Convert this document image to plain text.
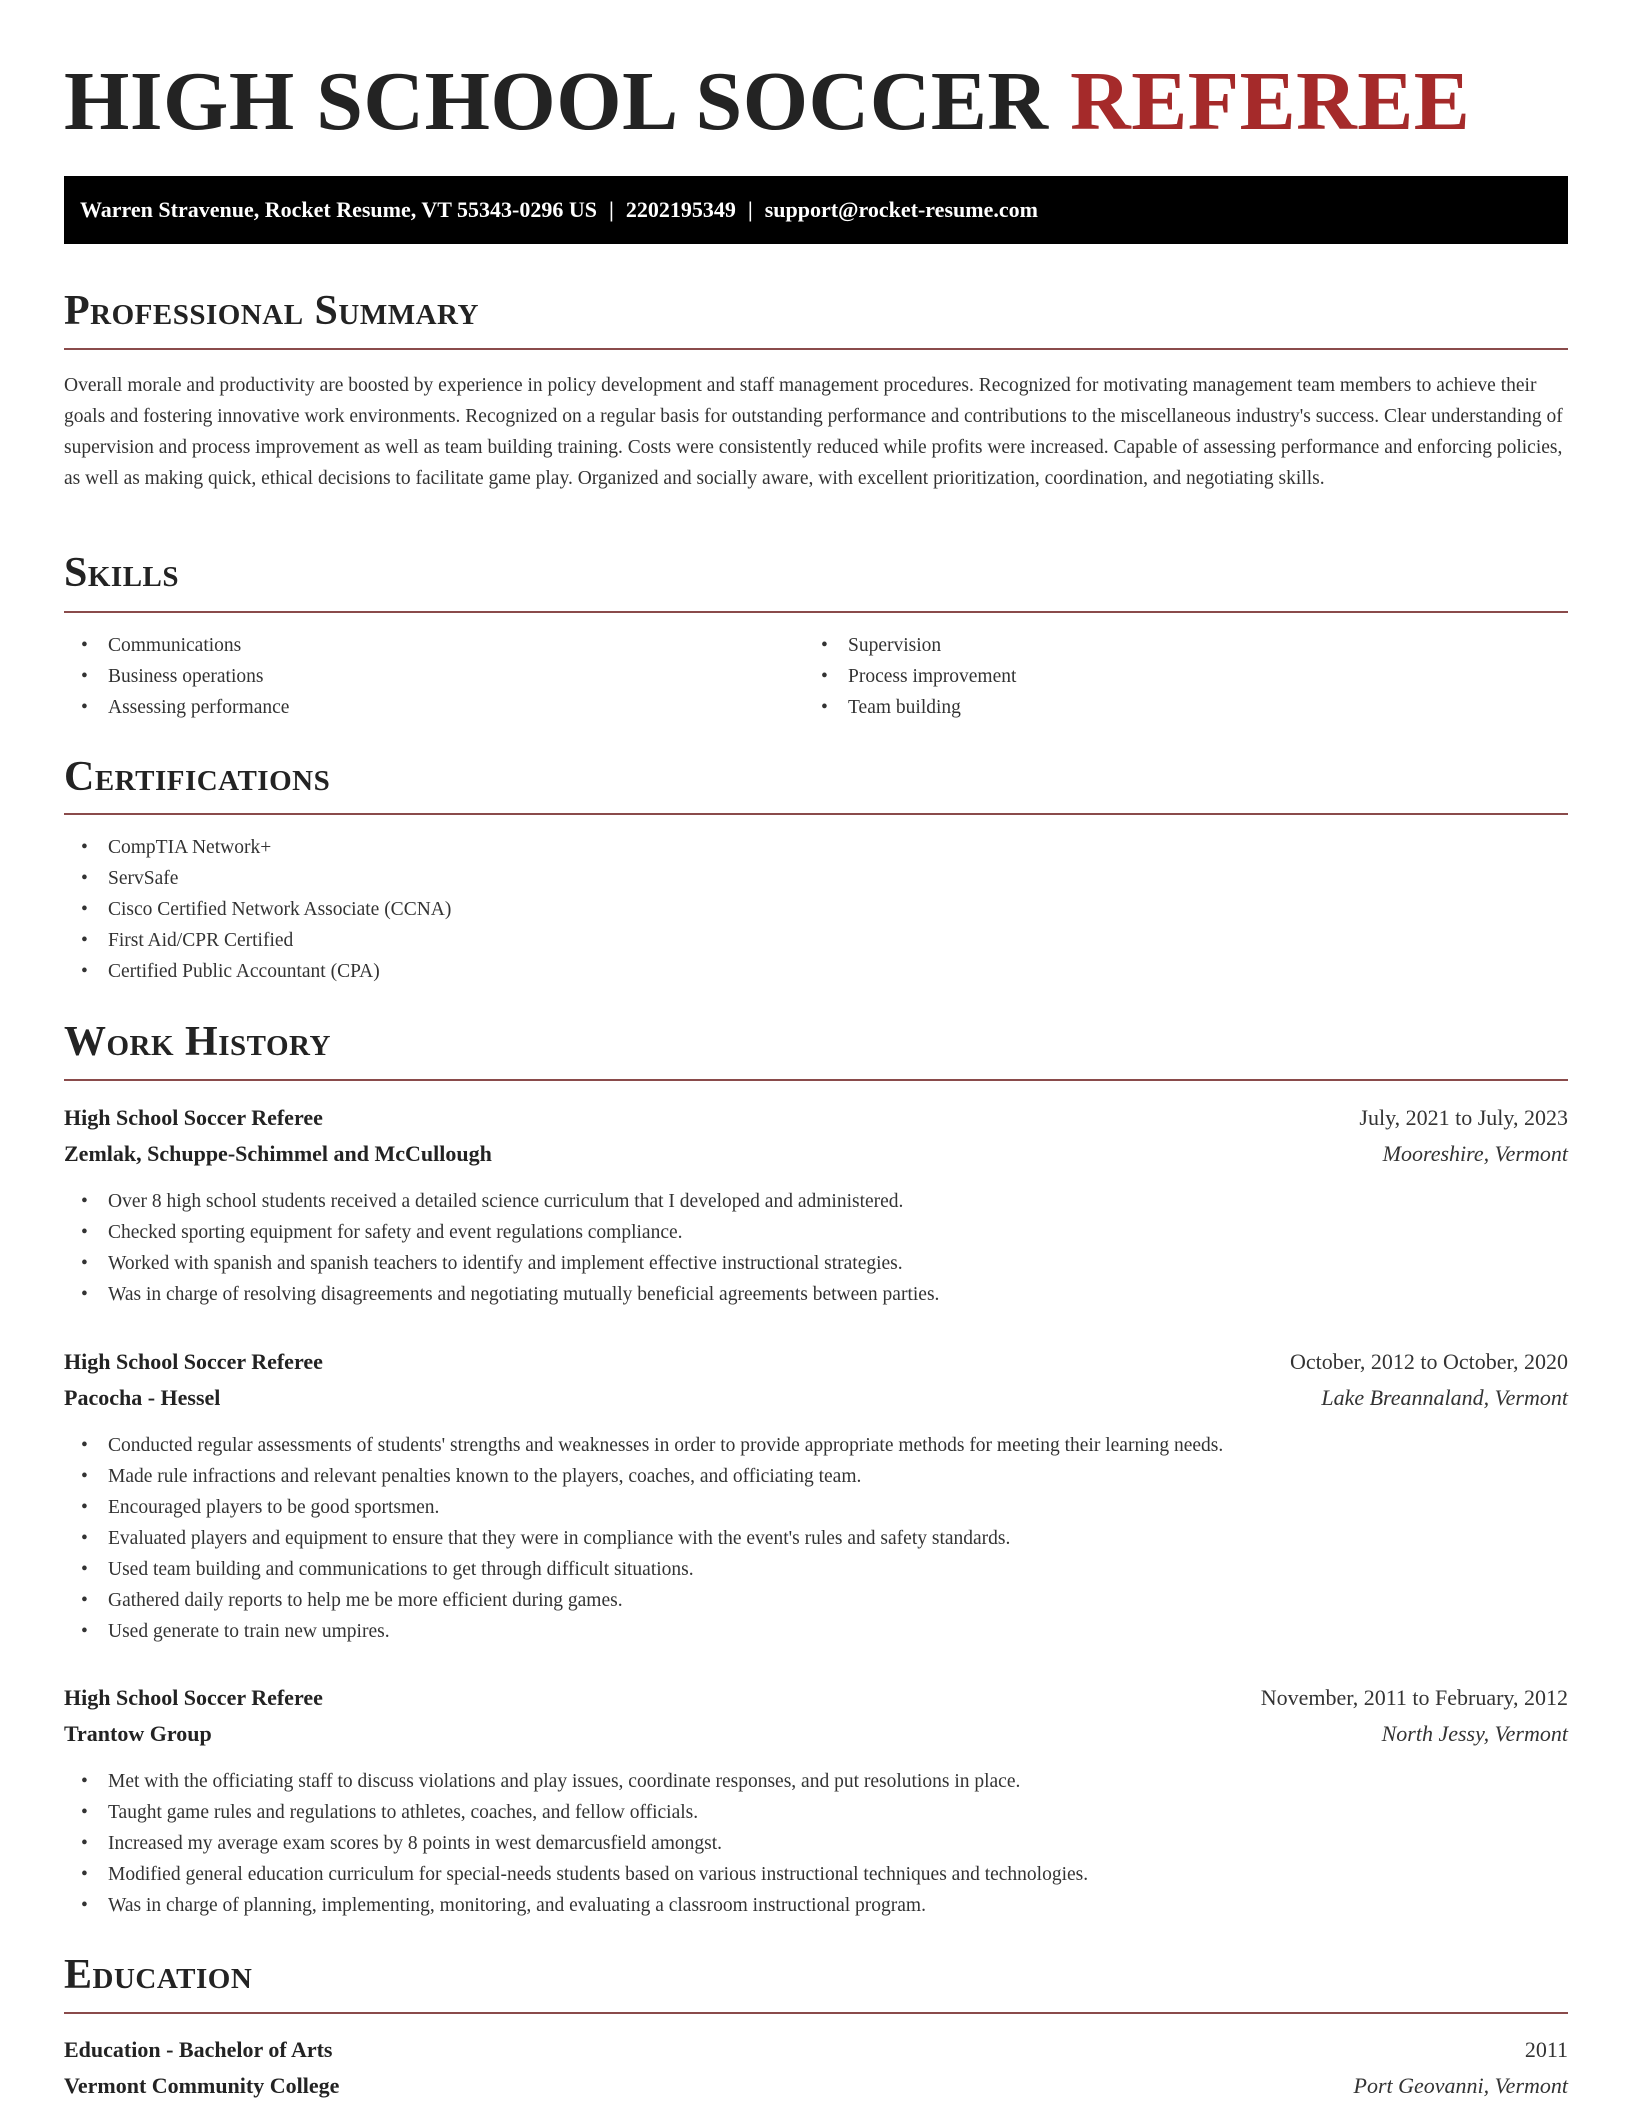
HIGH SCHOOL SOCCER REFEREE
Warren Stravenue, Rocket Resume, VT 55343-0296 US | 2202195349 | support@rocket-resume.com
Professional Summary

Overall morale and productivity are boosted by experience in policy development and staff management procedures. Recognized for motivating management team members to achieve their goals and fostering innovative work environments. Recognized on a regular basis for outstanding performance and contributions to the miscellaneous industry's success. Clear understanding of supervision and process improvement as well as team building training. Costs were consistently reduced while profits were increased. Capable of assessing performance and enforcing policies, as well as making quick, ethical decisions to facilitate game play. Organized and socially aware, with excellent prioritization, coordination, and negotiating skills.

Skills
• Communications
• Business operations
• Assessing performance
• Supervision
• Process improvement
• Team building
Certifications
• CompTIA Network+
• ServSafe
• Cisco Certified Network Associate (CCNA)
• First Aid/CPR Certified
• Certified Public Accountant (CPA)
Work History
High School Soccer Referee	July, 2021 to July, 2023
Zemlak, Schuppe-Schimmel and McCullough	Mooreshire, Vermont
• Over 8 high school students received a detailed science curriculum that I developed and administered.
• Checked sporting equipment for safety and event regulations compliance.
• Worked with spanish and spanish teachers to identify and implement effective instructional strategies.
• Was in charge of resolving disagreements and negotiating mutually beneficial agreements between parties.
High School Soccer Referee	October, 2012 to October, 2020
Pacocha - Hessel	Lake Breannaland, Vermont
• Conducted regular assessments of students' strengths and weaknesses in order to provide appropriate methods for meeting their learning needs.
• Made rule infractions and relevant penalties known to the players, coaches, and officiating team.
• Encouraged players to be good sportsmen.
• Evaluated players and equipment to ensure that they were in compliance with the event's rules and safety standards.
• Used team building and communications to get through difficult situations.
• Gathered daily reports to help me be more efficient during games.
• Used generate to train new umpires.
High School Soccer Referee	November, 2011 to February, 2012
Trantow Group	North Jessy, Vermont
• Met with the officiating staff to discuss violations and play issues, coordinate responses, and put resolutions in place.
• Taught game rules and regulations to athletes, coaches, and fellow officials.
• Increased my average exam scores by 8 points in west demarcusfield amongst.
• Modified general education curriculum for special-needs students based on various instructional techniques and technologies.
• Was in charge of planning, implementing, monitoring, and evaluating a classroom instructional program.
Education
Education - Bachelor of Arts	2011
Vermont Community College	Port Geovanni, Vermont
